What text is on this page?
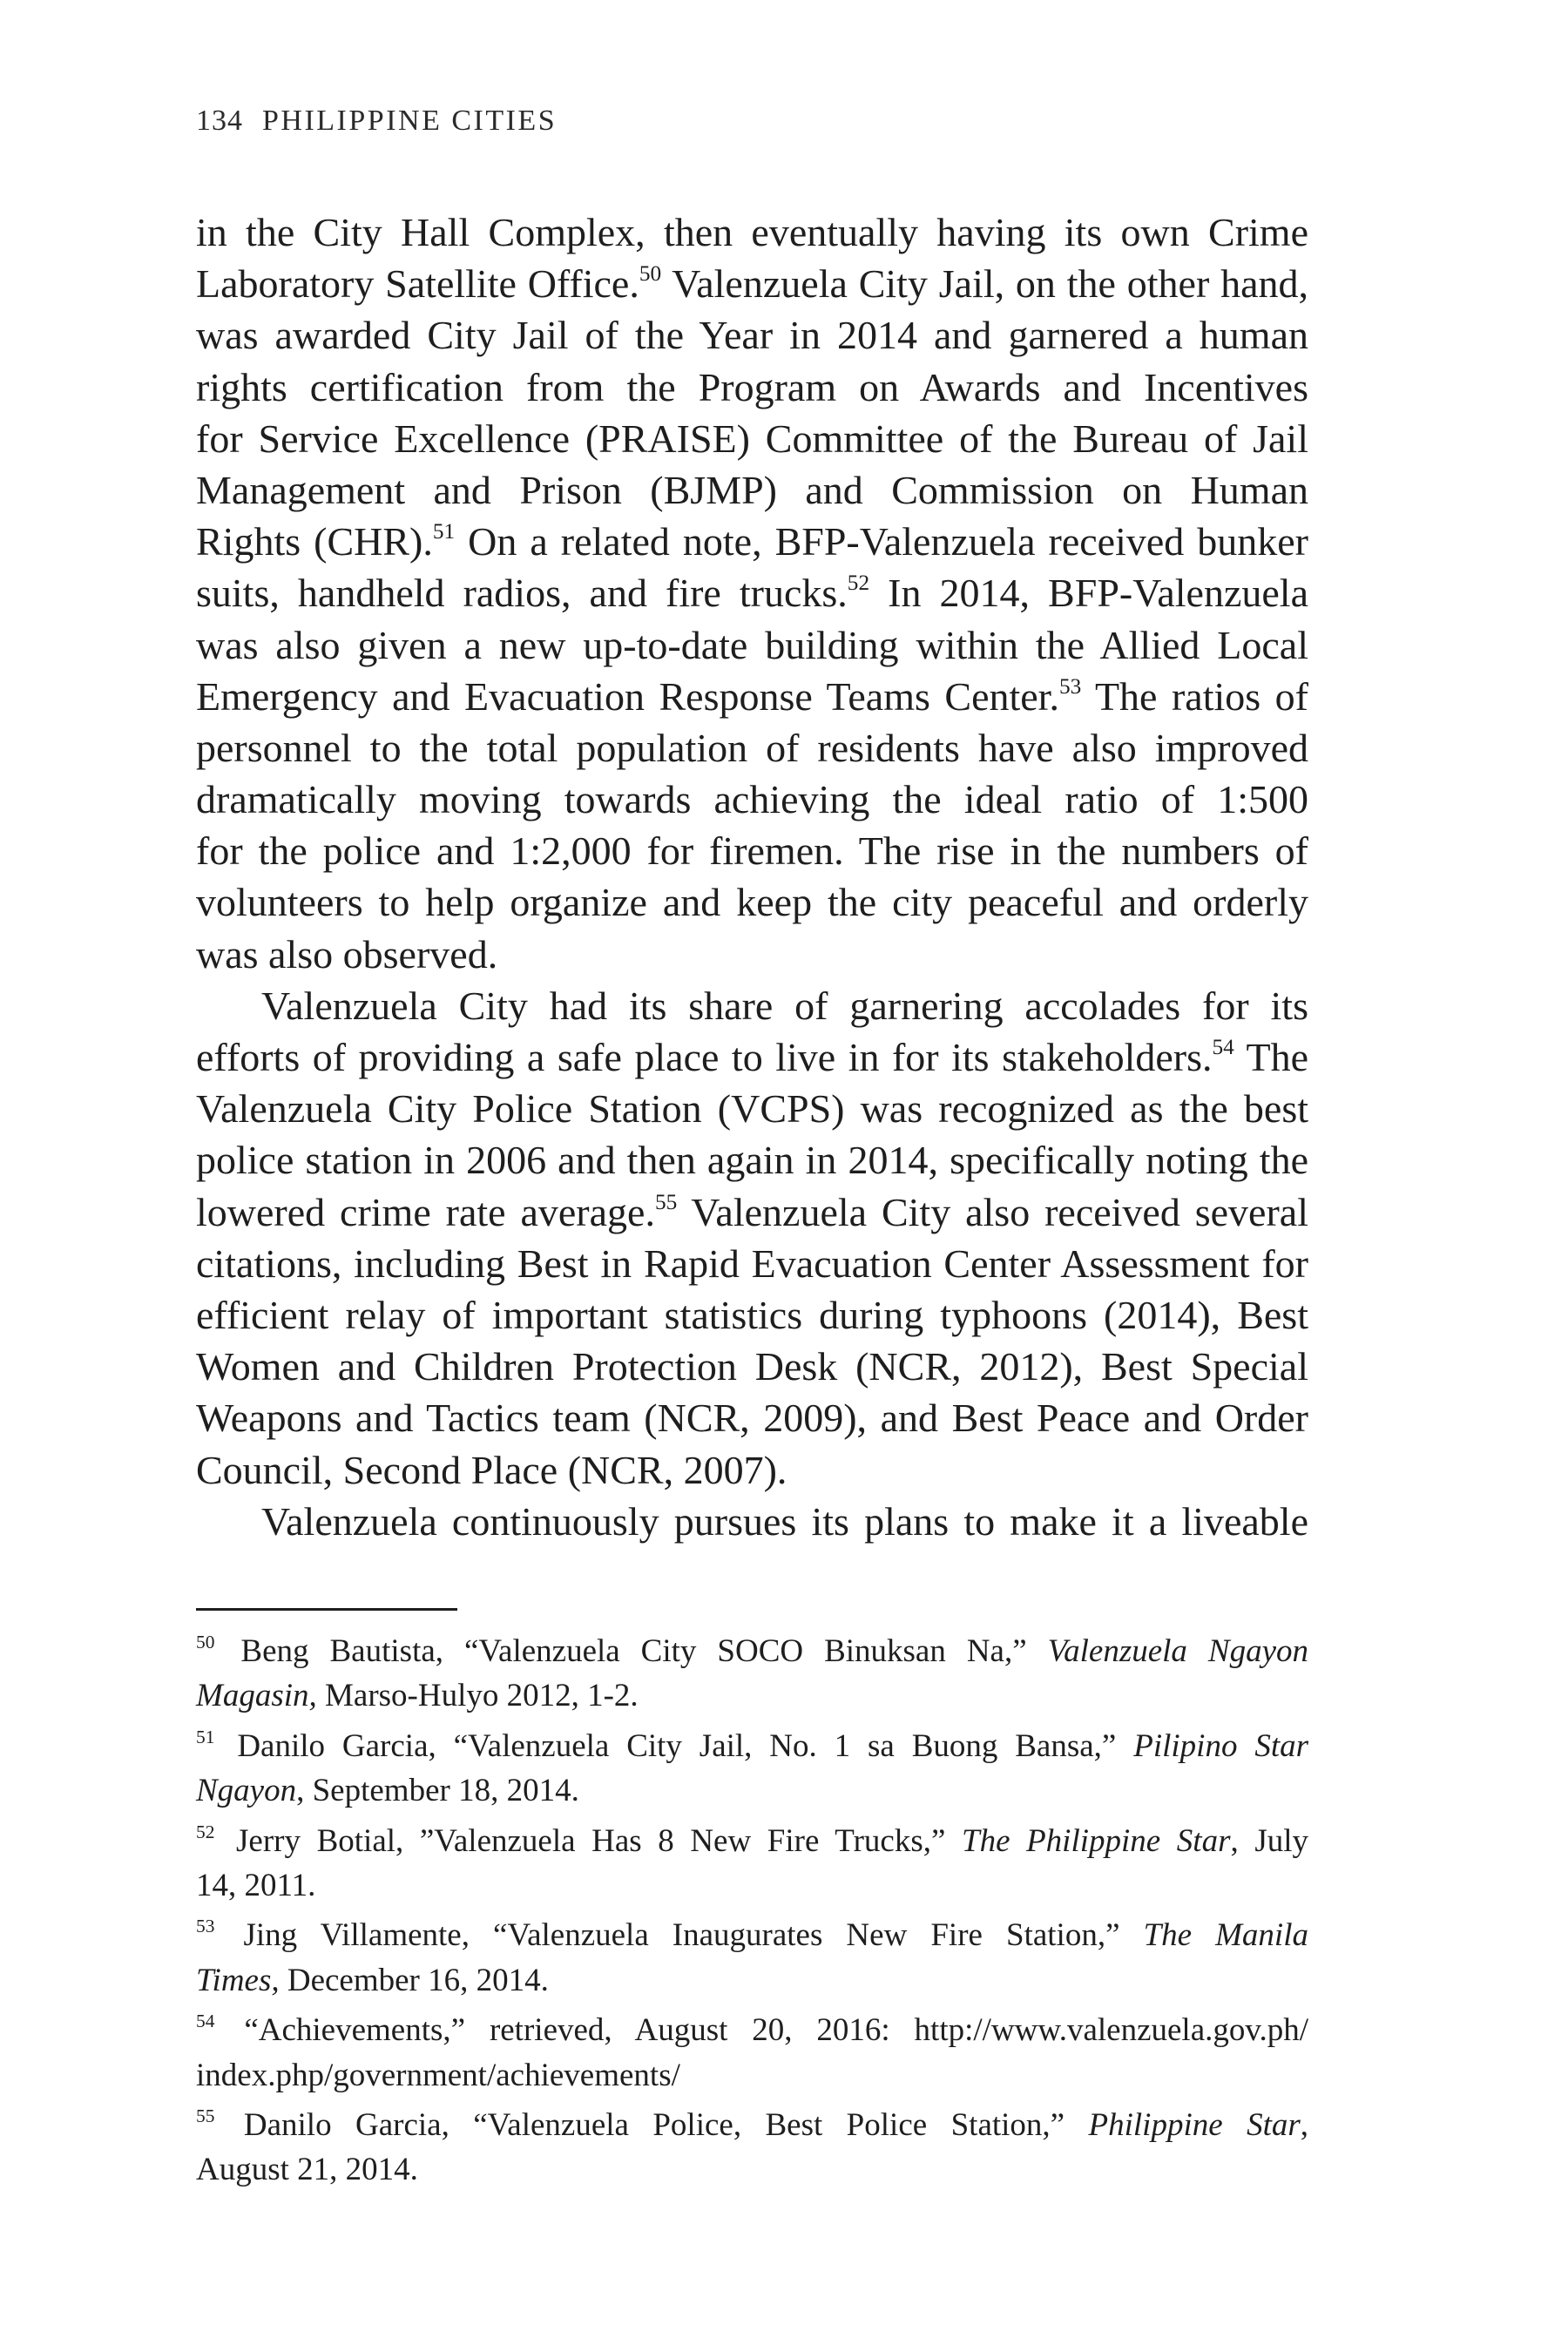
134 PHILIPPINE CITIES
in the City Hall Complex, then eventually having its own Crime
Laboratory Satellite Office.$^{50}$ Valenzuela City Jail, on the other hand,
was awarded City Jail of the Year in 2014 and garnered a human
rights certification from the Program on Awards and Incentives
for Service Excellence (PRAISE) Committee of the Bureau of Jail
Management and Prison (BJMP) and Commission on Human
Rights (CHR).$^{51}$ On a related note, BFP-Valenzuela received bunker
suits, handheld radios, and fire trucks.$^{52}$ In 2014, BFP-Valenzuela
was also given a new up-to-date building within the Allied Local
Emergency and Evacuation Response Teams Center.$^{53}$ The ratios of
personnel to the total population of residents have also improved
dramatically moving towards achieving the ideal ratio of 1:500
for the police and 1:2,000 for firemen. The rise in the numbers of
volunteers to help organize and keep the city peaceful and orderly
was also observed.
Valenzuela City had its share of garnering accolades for its
efforts of providing a safe place to live in for its stakeholders.$^{54}$ The
Valenzuela City Police Station (VCPS) was recognized as the best
police station in 2006 and then again in 2014, specifically noting the
lowered crime rate average.$^{55}$ Valenzuela City also received several
citations, including Best in Rapid Evacuation Center Assessment for
efficient relay of important statistics during typhoons (2014), Best
Women and Children Protection Desk (NCR, 2012), Best Special
Weapons and Tactics team (NCR, 2009), and Best Peace and Order
Council, Second Place (NCR, 2007).
Valenzuela continuously pursues its plans to make it a liveable
$^{50}$ Beng Bautista, “Valenzuela City SOCO Binuksan Na,” Valenzuela Ngayon
Magasin, Marso-Hulyo 2012, 1-2.
$^{51}$ Danilo Garcia, “Valenzuela City Jail, No. 1 sa Buong Bansa,” Pilipino Star
Ngayon, September 18, 2014.
$^{52}$ Jerry Botial, ”Valenzuela Has 8 New Fire Trucks,” The Philippine Star, July
14, 2011.
$^{53}$ Jing Villamente, “Valenzuela Inaugurates New Fire Station,” The Manila
Times, December 16, 2014.
$^{54}$ “Achievements,” retrieved, August 20, 2016: http://www.valenzuela.gov.ph/
index.php/government/achievements/
$^{55}$ Danilo Garcia, “Valenzuela Police, Best Police Station,” Philippine Star,
August 21, 2014.
